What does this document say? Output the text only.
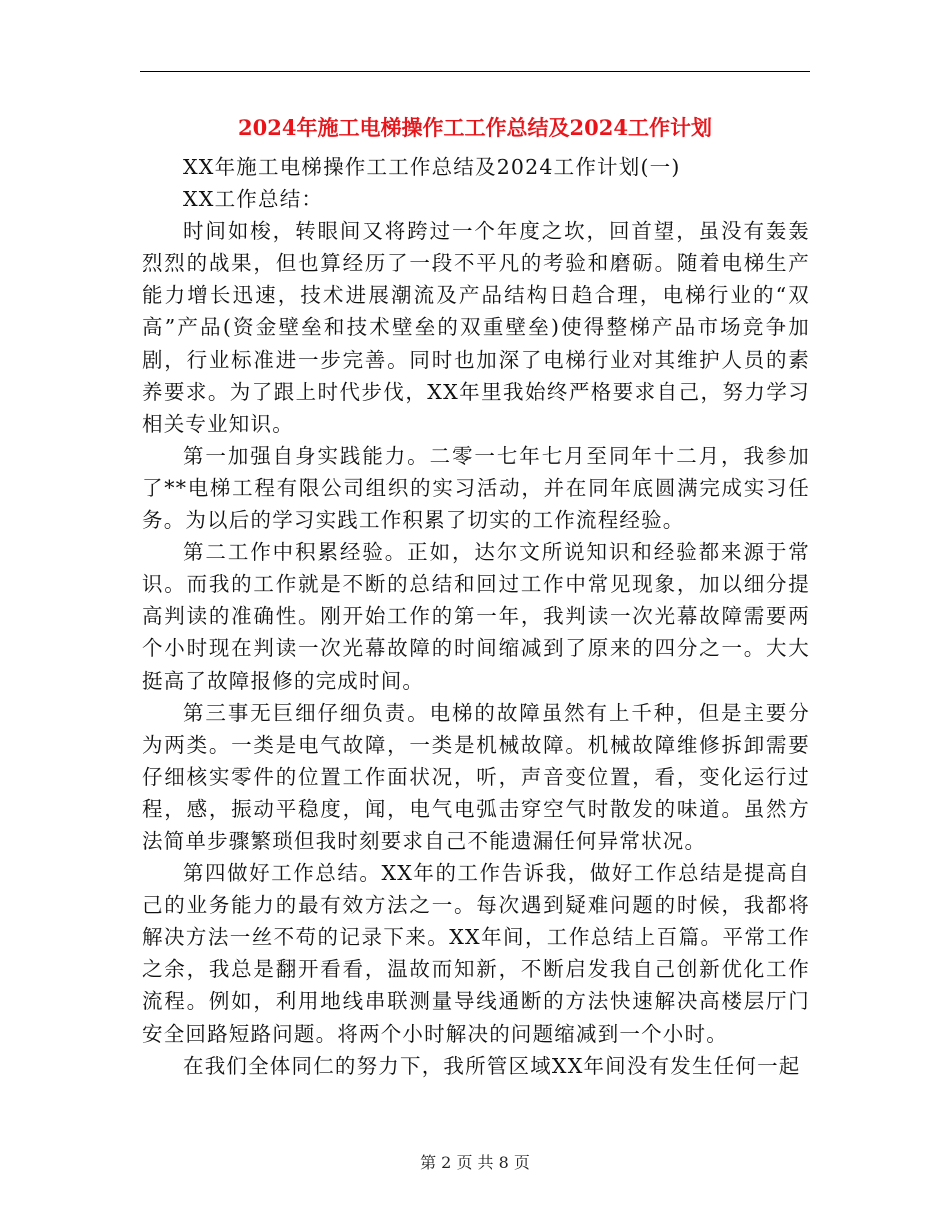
2024年施工电梯操作工工作总结及2024工作计划

XX年施工电梯操作工工作总结及2024工作计划(一)

XX工作总结：

时间如梭，转眼间又将跨过一个年度之坎，回首望，虽没有轰轰烈烈的战果，但也算经历了一段不平凡的考验和磨砺。随着电梯生产能力增长迅速，技术进展潮流及产品结构日趋合理，电梯行业的“双高”产品(资金壁垒和技术壁垒的双重壁垒)使得整梯产品市场竞争加剧，行业标准进一步完善。同时也加深了电梯行业对其维护人员的素养要求。为了跟上时代步伐，XX年里我始终严格要求自己，努力学习相关专业知识。

第一加强自身实践能力。二零一七年七月至同年十二月，我参加了**电梯工程有限公司组织的实习活动，并在同年底圆满完成实习任务。为以后的学习实践工作积累了切实的工作流程经验。

第二工作中积累经验。正如，达尔文所说知识和经验都来源于常识。而我的工作就是不断的总结和回过工作中常见现象，加以细分提高判读的准确性。刚开始工作的第一年，我判读一次光幕故障需要两个小时现在判读一次光幕故障的时间缩减到了原来的四分之一。大大挺高了故障报修的完成时间。

第三事无巨细仔细负责。电梯的故障虽然有上千种，但是主要分为两类。一类是电气故障，一类是机械故障。机械故障维修拆卸需要仔细核实零件的位置工作面状况，听，声音变位置，看，变化运行过程，感，振动平稳度，闻，电气电弧击穿空气时散发的味道。虽然方法简单步骤繁琐但我时刻要求自己不能遗漏任何异常状况。

第四做好工作总结。XX年的工作告诉我，做好工作总结是提高自己的业务能力的最有效方法之一。每次遇到疑难问题的时候，我都将解决方法一丝不苟的记录下来。XX年间，工作总结上百篇。平常工作之余，我总是翻开看看，温故而知新，不断启发我自己创新优化工作流程。例如，利用地线串联测量导线通断的方法快速解决高楼层厅门安全回路短路问题。将两个小时解决的问题缩减到一个小时。

在我们全体同仁的努力下，我所管区域XX年间没有发生任何一起

第 2 页 共 8 页
